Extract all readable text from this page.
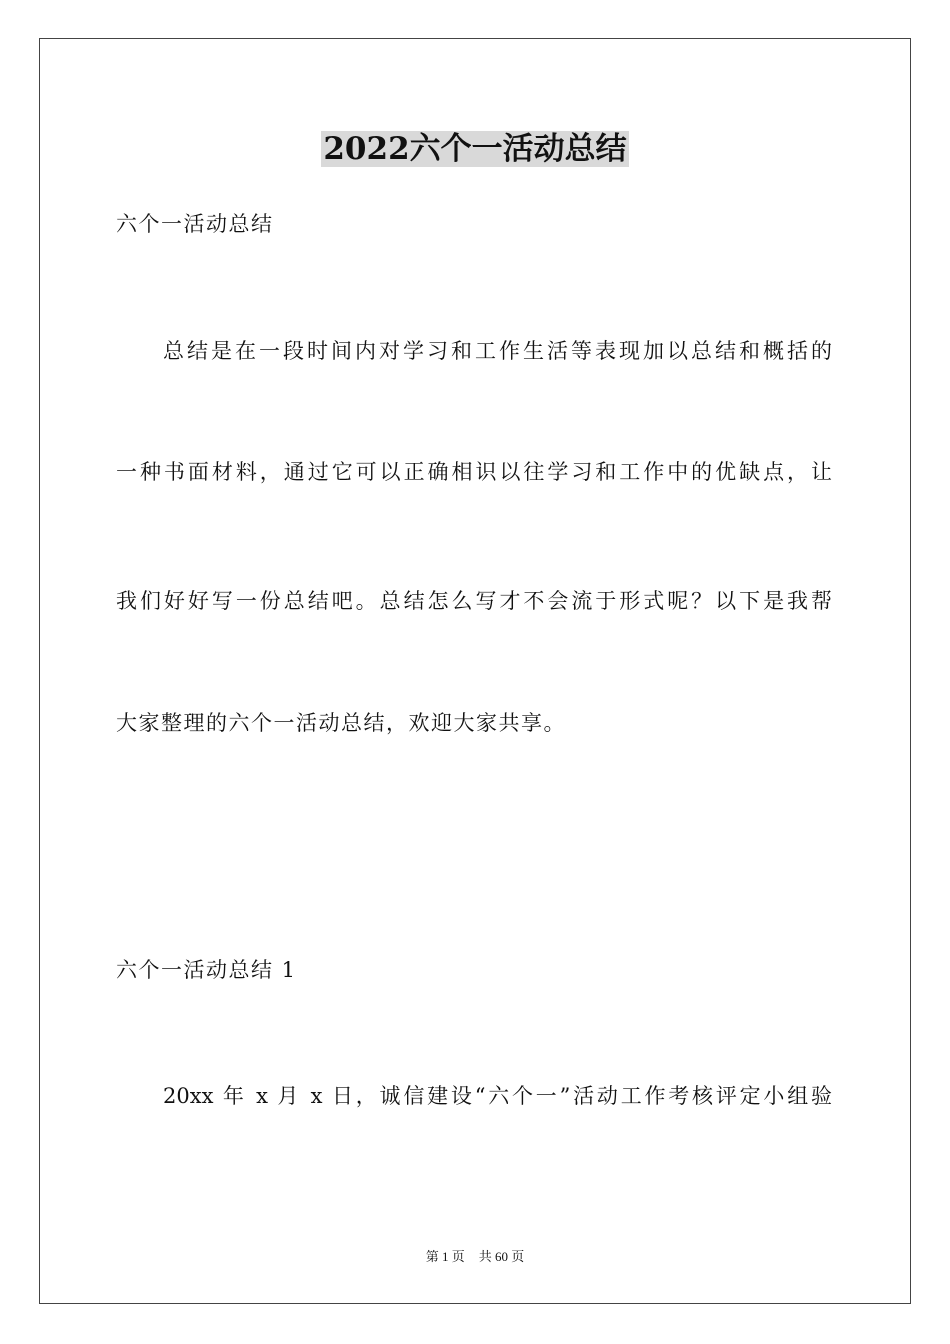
2022六个一活动总结
六个一活动总结
总结是在一段时间内对学习和工作生活等表现加以总结和概括的
一种书面材料，通过它可以正确相识以往学习和工作中的优缺点，让
我们好好写一份总结吧。总结怎么写才不会流于形式呢？以下是我帮
大家整理的六个一活动总结，欢迎大家共享。
六个一活动总结 1
20xx 年 x 月 x 日，诚信建设“六个一”活动工作考核评定小组验
第 1 页 共 60 页
